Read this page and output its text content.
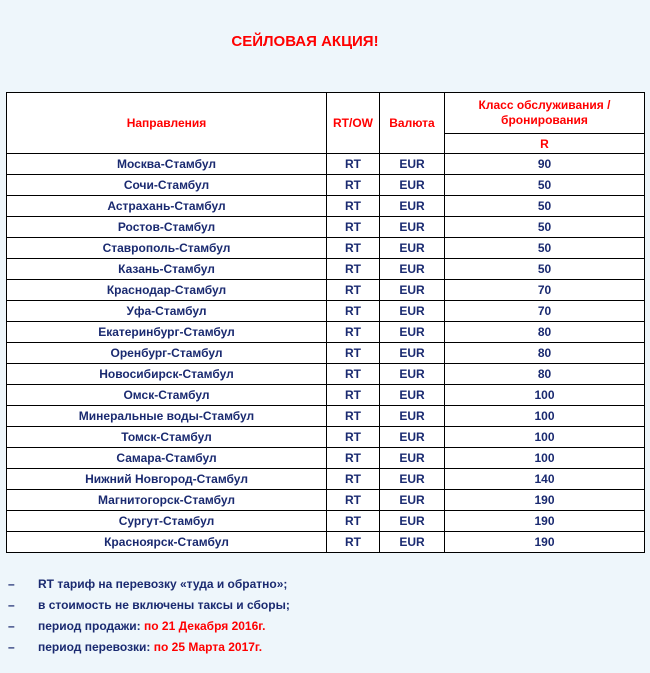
СЕЙЛОВАЯ АКЦИЯ!
Направления	RT/OW	Валюта	Класс обслуживания / бронирования
			R
Москва-Стамбул	RT	EUR	90
Сочи-Стамбул	RT	EUR	50
Астрахань-Стамбул	RT	EUR	50
Ростов-Стамбул	RT	EUR	50
Ставрополь-Стамбул	RT	EUR	50
Казань-Стамбул	RT	EUR	50
Краснодар-Стамбул	RT	EUR	70
Уфа-Стамбул	RT	EUR	70
Екатеринбург-Стамбул	RT	EUR	80
Оренбург-Стамбул	RT	EUR	80
Новосибирск-Стамбул	RT	EUR	80
Омск-Стамбул	RT	EUR	100
Минеральные воды-Стамбул	RT	EUR	100
Томск-Стамбул	RT	EUR	100
Самара-Стамбул	RT	EUR	100
Нижний Новгород-Стамбул	RT	EUR	140
Магнитогорск-Стамбул	RT	EUR	190
Сургут-Стамбул	RT	EUR	190
Красноярск-Стамбул	RT	EUR	190
–	RT тариф на перевозку «туда и обратно»;
–	в стоимость не включены таксы и сборы;
–	период продажи: по 21 Декабря 2016г.
–	период перевозки: по 25 Марта 2017г.
